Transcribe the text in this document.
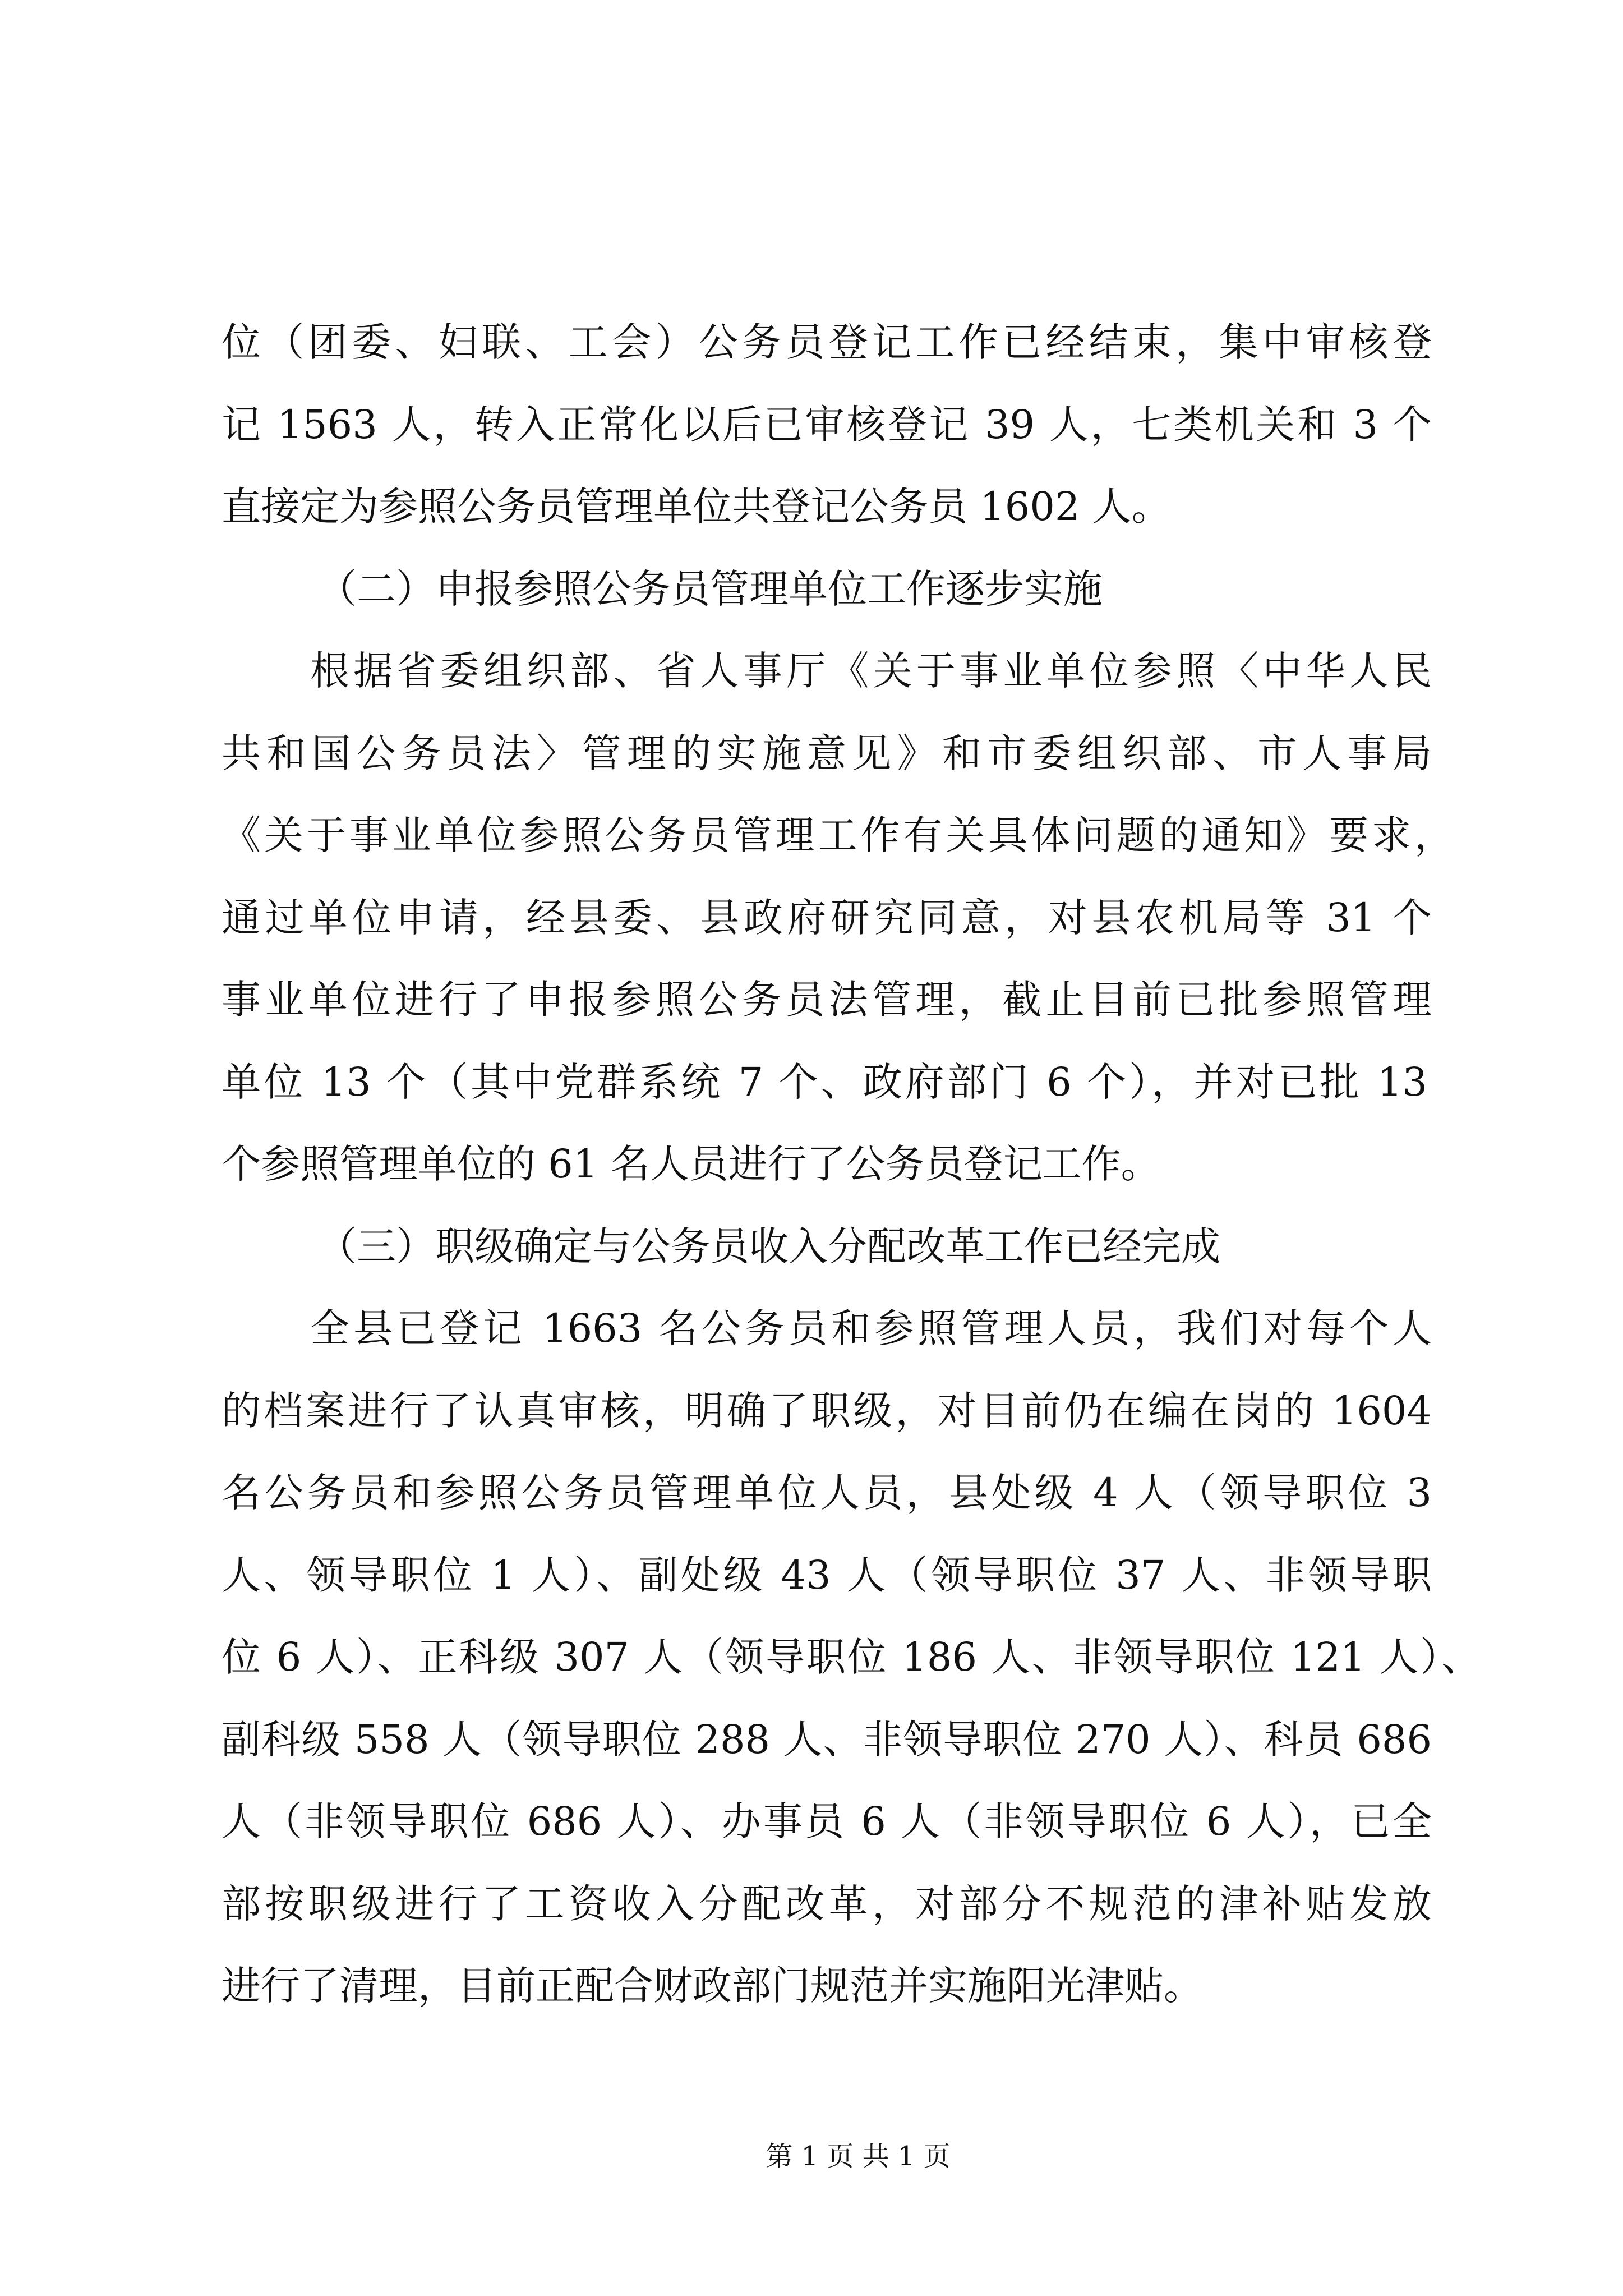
位（团委、妇联、工会）公务员登记工作已经结束，集中审核登
记 1563 人，转入正常化以后已审核登记 39 人，七类机关和 3 个
直接定为参照公务员管理单位共登记公务员 1602 人。
（二）申报参照公务员管理单位工作逐步实施
根据省委组织部、省人事厅《关于事业单位参照〈中华人民
共和国公务员法〉管理的实施意见》和市委组织部、市人事局
《关于事业单位参照公务员管理工作有关具体问题的通知》要求，
通过单位申请，经县委、县政府研究同意，对县农机局等 31 个
事业单位进行了申报参照公务员法管理，截止目前已批参照管理
单位 13 个（其中党群系统 7 个、政府部门 6 个），并对已批 13
个参照管理单位的 61 名人员进行了公务员登记工作。
（三）职级确定与公务员收入分配改革工作已经完成
全县已登记 1663 名公务员和参照管理人员，我们对每个人
的档案进行了认真审核，明确了职级，对目前仍在编在岗的 1604
名公务员和参照公务员管理单位人员，县处级 4 人（领导职位 3
人、领导职位 1 人）、副处级 43 人（领导职位 37 人、非领导职
位 6 人）、正科级 307 人（领导职位 186 人、非领导职位 121 人）、
副科级 558 人（领导职位 288 人、非领导职位 270 人）、科员 686
人（非领导职位 686 人）、办事员 6 人（非领导职位 6 人），已全
部按职级进行了工资收入分配改革，对部分不规范的津补贴发放
进行了清理，目前正配合财政部门规范并实施阳光津贴。
第 1 页 共 1 页
